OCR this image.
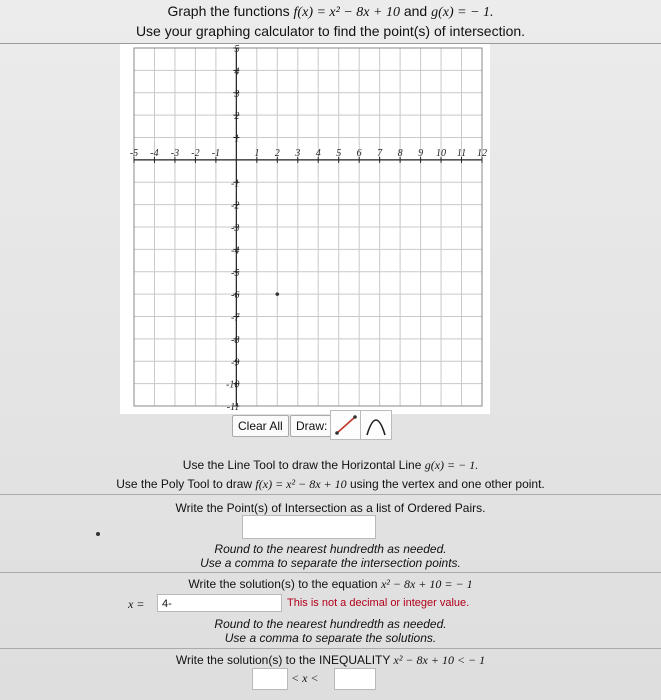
Graph the functions f(x) = x² − 8x + 10 and g(x) = − 1.
Use your graphing calculator to find the point(s) of intersection.
-5 -4 -3 -2 -1	1 2 3 4 5 6 7 8 9 10 11 12
5
4
3
2
1
-1
-2
-3
-4
-5
-6
-7
-8
-9
-10
-11
Clear All	Draw:
Use the Line Tool to draw the Horizontal Line g(x) = − 1.
Use the Poly Tool to draw f(x) = x² − 8x + 10 using the vertex and one other point.
Write the Point(s) of Intersection as a list of Ordered Pairs.
Round to the nearest hundredth as needed.
Use a comma to separate the intersection points.
Write the solution(s) to the equation x² − 8x + 10 = − 1
x =	4-	This is not a decimal or integer value.
Round to the nearest hundredth as needed.
Use a comma to separate the solutions.
Write the solution(s) to the INEQUALITY x² − 8x + 10 < − 1
< x <
